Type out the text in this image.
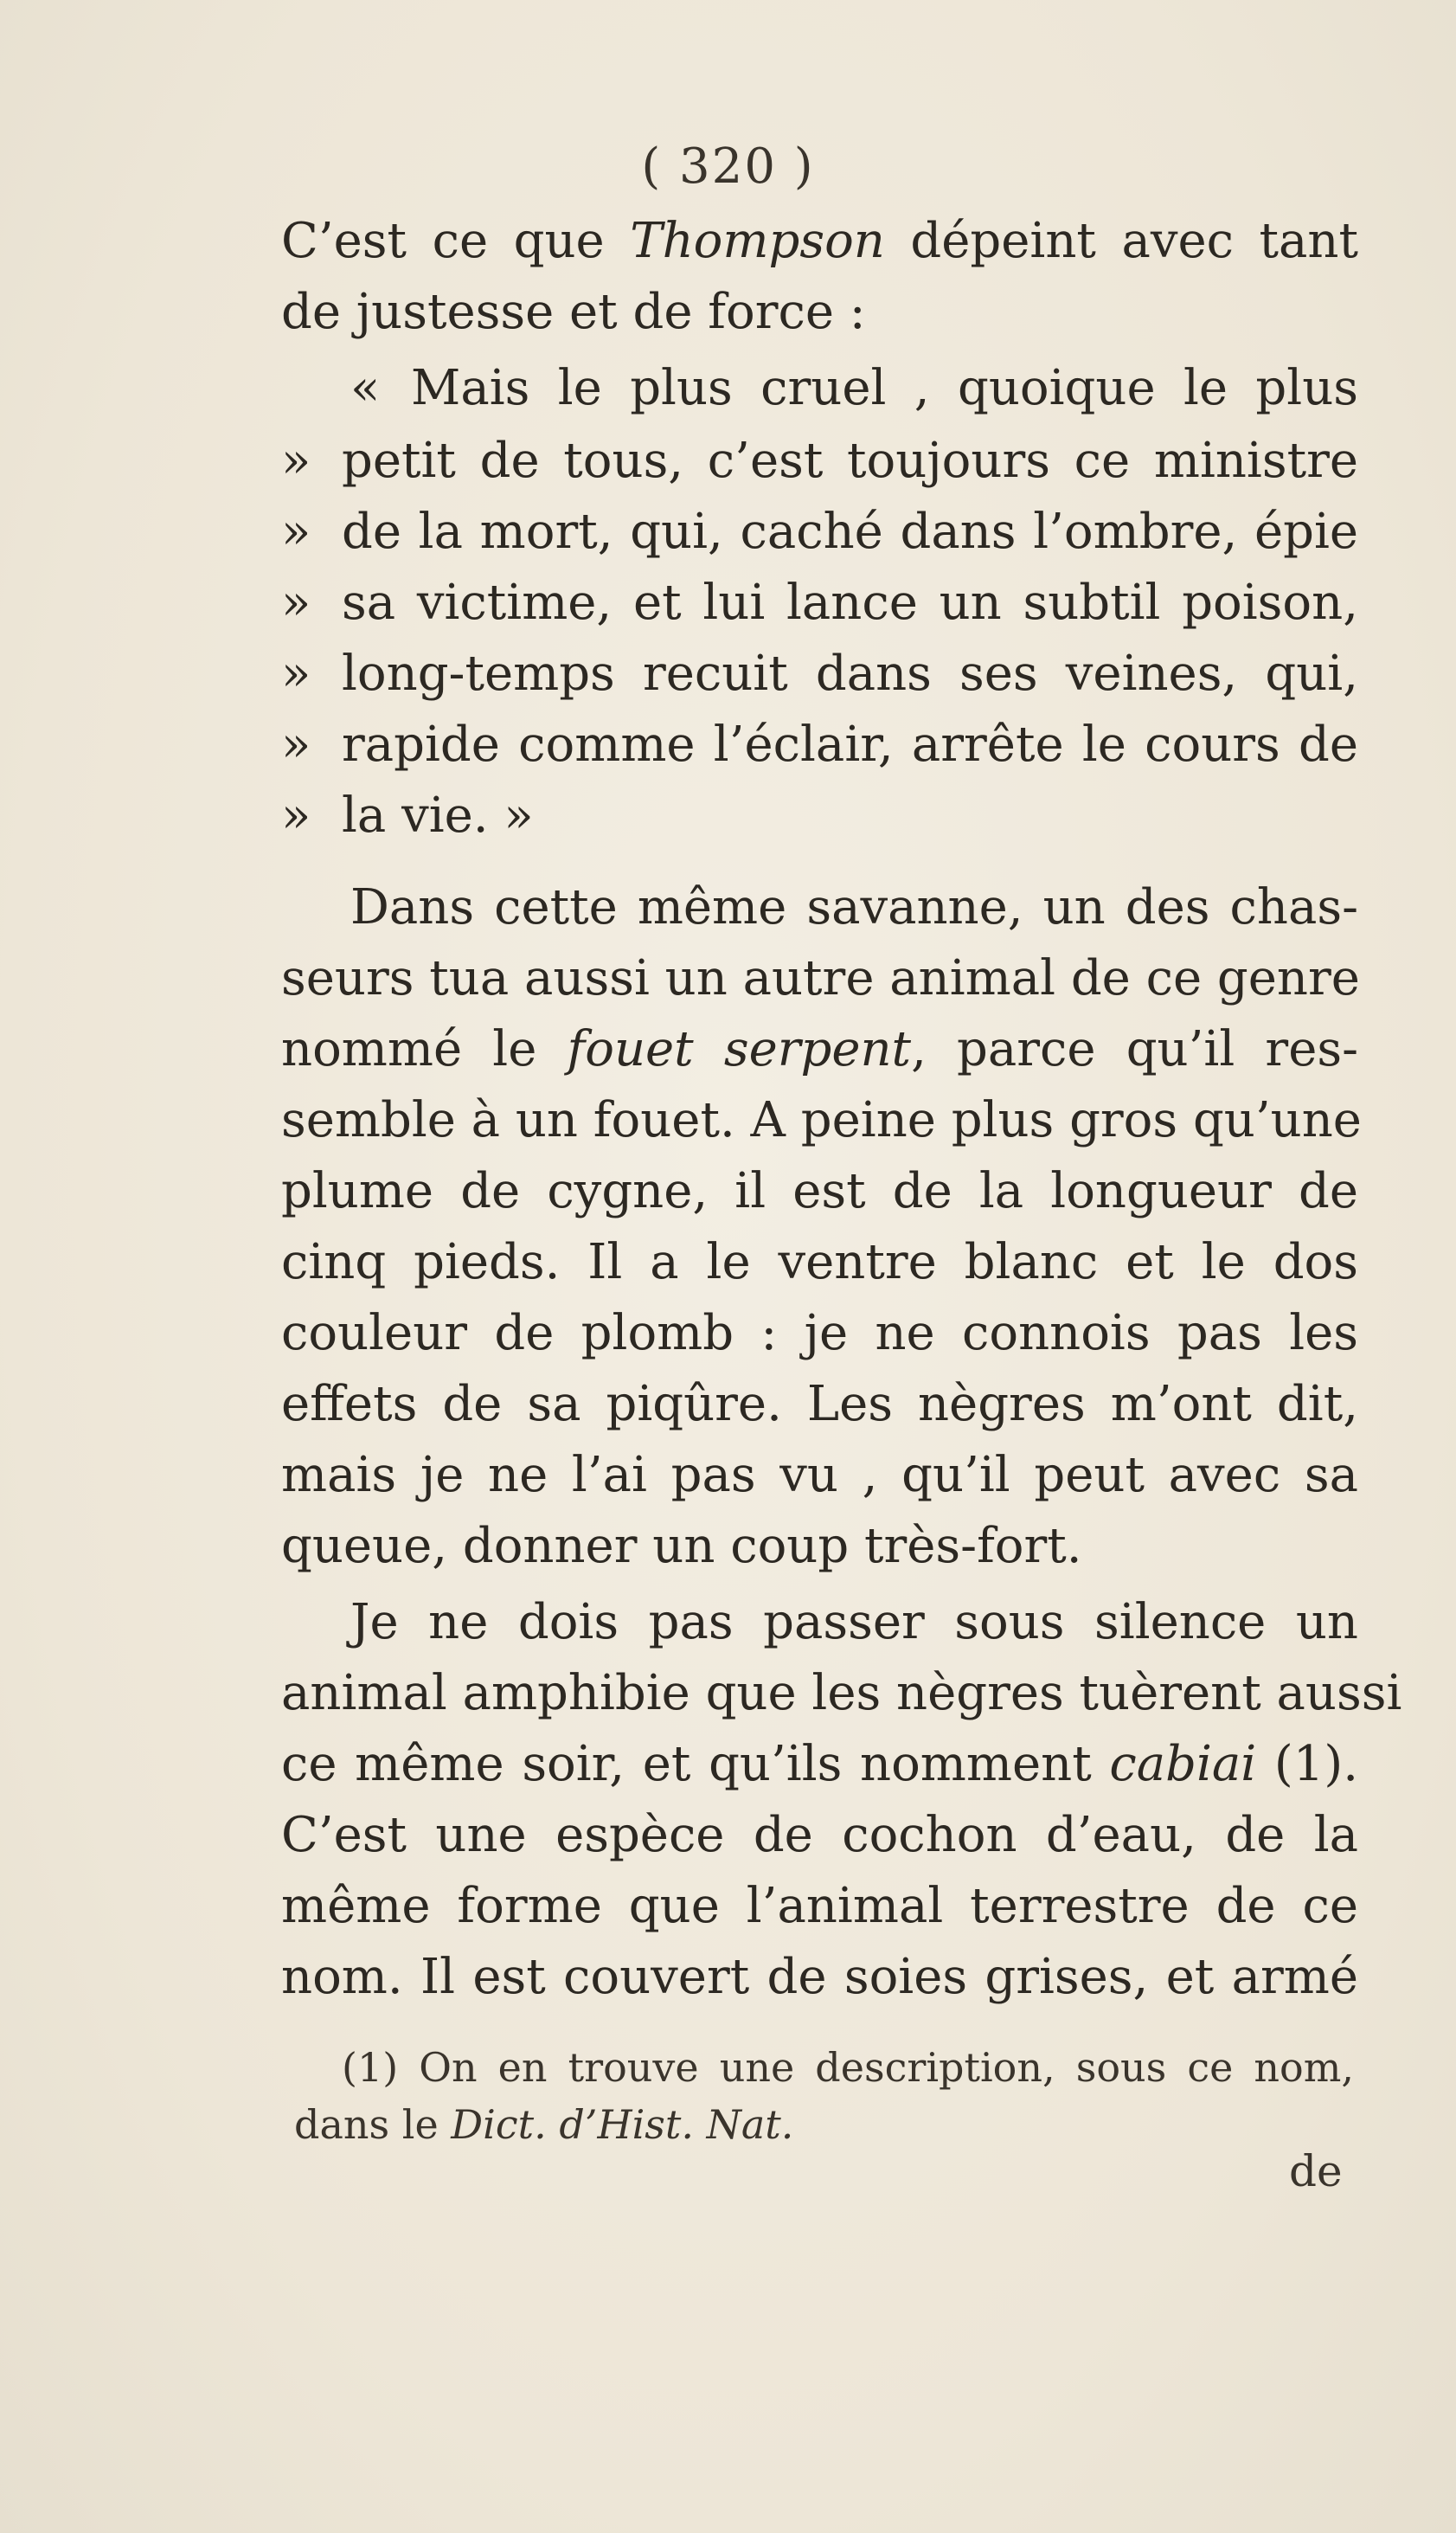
( 320 )
C’est ce que Thompson dépeint avec tant
de justesse et de force :
« Mais le plus cruel , quoique le plus
» petit de tous, c’est toujours ce ministre
» de la mort, qui, caché dans l’ombre, épie
» sa victime, et lui lance un subtil poison,
» long-temps recuit dans ses veines, qui,
» rapide comme l’éclair, arrête le cours de
» la vie. »
Dans cette même savanne, un des chas-
seurs tua aussi un autre animal de ce genre
nommé le fouet serpent, parce qu’il res-
semble à un fouet. A peine plus gros qu’une
plume de cygne, il est de la longueur de
cinq pieds. Il a le ventre blanc et le dos
couleur de plomb : je ne connois pas les
effets de sa piqûre. Les nègres m’ont dit,
mais je ne l’ai pas vu , qu’il peut avec sa
queue, donner un coup très-fort.
Je ne dois pas passer sous silence un
animal amphibie que les nègres tuèrent aussi
ce même soir, et qu’ils nomment cabiai (1).
C’est une espèce de cochon d’eau, de la
même forme que l’animal terrestre de ce
nom. Il est couvert de soies grises, et armé
(1) On en trouve une description, sous ce nom,
dans le Dict. d’Hist. Nat.
de
